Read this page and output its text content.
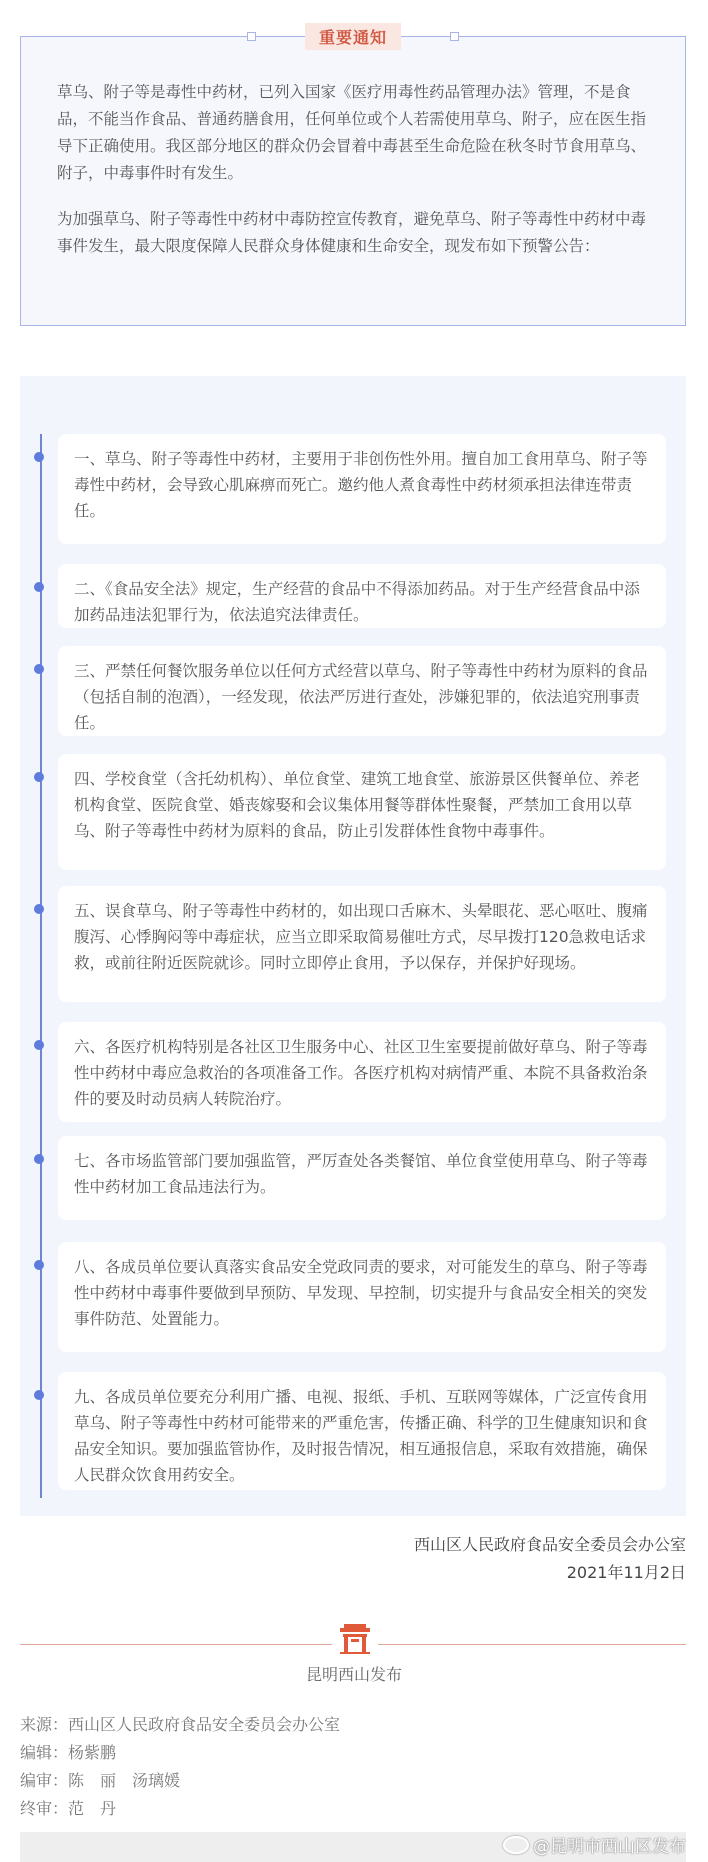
重要通知

草乌、附子等是毒性中药材，已列入国家《医疗用毒性药品管理办法》管理，不是食品，不能当作食品、普通药膳食用，任何单位或个人若需使用草乌、附子，应在医生指导下正确使用。我区部分地区的群众仍会冒着中毒甚至生命危险在秋冬时节食用草乌、附子，中毒事件时有发生。

为加强草乌、附子等毒性中药材中毒防控宣传教育，避免草乌、附子等毒性中药材中毒事件发生，最大限度保障人民群众身体健康和生命安全，现发布如下预警公告：

一、草乌、附子等毒性中药材，主要用于非创伤性外用。擅自加工食用草乌、附子等毒性中药材，会导致心肌麻痹而死亡。邀约他人煮食毒性中药材须承担法律连带责任。
二、《食品安全法》规定，生产经营的食品中不得添加药品。对于生产经营食品中添加药品违法犯罪行为，依法追究法律责任。
三、严禁任何餐饮服务单位以任何方式经营以草乌、附子等毒性中药材为原料的食品（包括自制的泡酒），一经发现，依法严厉进行查处，涉嫌犯罪的，依法追究刑事责任。
四、学校食堂（含托幼机构）、单位食堂、建筑工地食堂、旅游景区供餐单位、养老机构食堂、医院食堂、婚丧嫁娶和会议集体用餐等群体性聚餐，严禁加工食用以草乌、附子等毒性中药材为原料的食品，防止引发群体性食物中毒事件。
五、误食草乌、附子等毒性中药材的，如出现口舌麻木、头晕眼花、恶心呕吐、腹痛腹泻、心悸胸闷等中毒症状，应当立即采取简易催吐方式，尽早拨打120急救电话求救，或前往附近医院就诊。同时立即停止食用，予以保存，并保护好现场。
六、各医疗机构特别是各社区卫生服务中心、社区卫生室要提前做好草乌、附子等毒性中药材中毒应急救治的各项准备工作。各医疗机构对病情严重、本院不具备救治条件的要及时动员病人转院治疗。
七、各市场监管部门要加强监管，严厉查处各类餐馆、单位食堂使用草乌、附子等毒性中药材加工食品违法行为。
八、各成员单位要认真落实食品安全党政同责的要求，对可能发生的草乌、附子等毒性中药材中毒事件要做到早预防、早发现、早控制，切实提升与食品安全相关的突发事件防范、处置能力。
九、各成员单位要充分利用广播、电视、报纸、手机、互联网等媒体，广泛宣传食用草乌、附子等毒性中药材可能带来的严重危害，传播正确、科学的卫生健康知识和食品安全知识。要加强监管协作，及时报告情况，相互通报信息，采取有效措施，确保人民群众饮食用药安全。
西山区人民政府食品安全委员会办公室
2021年11月2日
昆明西山发布
来源：西山区人民政府食品安全委员会办公室
编辑：杨紫鹏
编审：陈　丽　汤璃媛
终审：范　丹
@昆明市西山区发布
